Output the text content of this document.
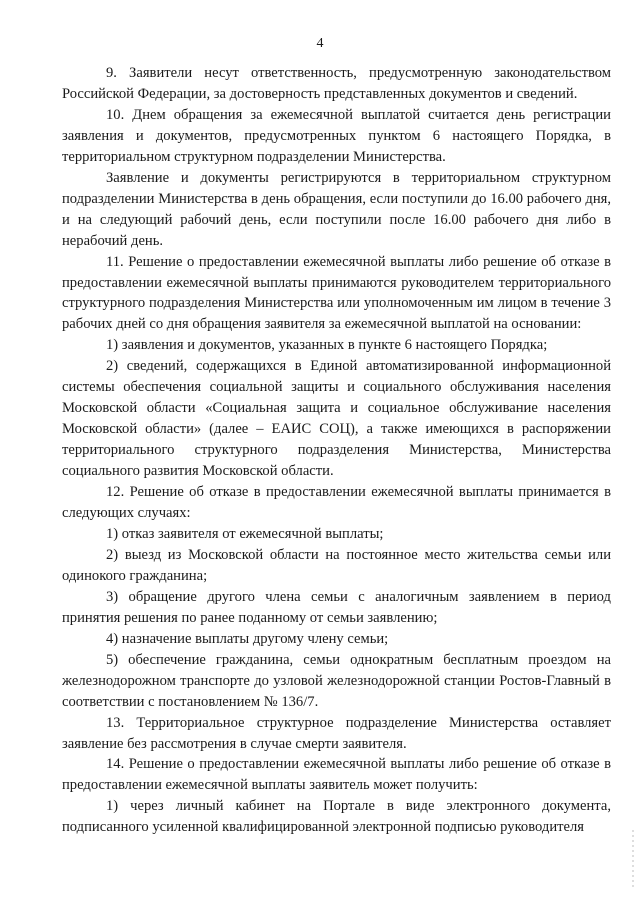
4

9. Заявители несут ответственность, предусмотренную законодательством Российской Федерации, за достоверность представленных документов и сведений.

10. Днем обращения за ежемесячной выплатой считается день регистрации заявления и документов, предусмотренных пунктом 6 настоящего Порядка, в территориальном структурном подразделении Министерства.

Заявление и документы регистрируются в территориальном структурном подразделении Министерства в день обращения, если поступили до 16.00 рабочего дня, и на следующий рабочий день, если поступили после 16.00 рабочего дня либо в нерабочий день.

11. Решение о предоставлении ежемесячной выплаты либо решение об отказе в предоставлении ежемесячной выплаты принимаются руководителем территориального структурного подразделения Министерства или уполномоченным им лицом в течение 3 рабочих дней со дня обращения заявителя за ежемесячной выплатой на основании:

1) заявления и документов, указанных в пункте 6 настоящего Порядка;

2) сведений, содержащихся в Единой автоматизированной информационной системы обеспечения социальной защиты и социального обслуживания населения Московской области «Социальная защита и социальное обслуживание населения Московской области» (далее – ЕАИС СОЦ), а также имеющихся в распоряжении территориального структурного подразделения Министерства, Министерства социального развития Московской области.

12. Решение об отказе в предоставлении ежемесячной выплаты принимается в следующих случаях:

1) отказ заявителя от ежемесячной выплаты;

2) выезд из Московской области на постоянное место жительства семьи или одинокого гражданина;

3) обращение другого члена семьи с аналогичным заявлением в период принятия решения по ранее поданному от семьи заявлению;

4) назначение выплаты другому члену семьи;

5) обеспечение гражданина, семьи однократным бесплатным проездом на железнодорожном транспорте до узловой железнодорожной станции Ростов-Главный в соответствии с постановлением № 136/7.

13. Территориальное структурное подразделение Министерства оставляет заявление без рассмотрения в случае смерти заявителя.

14. Решение о предоставлении ежемесячной выплаты либо решение об отказе в предоставлении ежемесячной выплаты заявитель может получить:

1) через личный кабинет на Портале в виде электронного документа, подписанного усиленной квалифицированной электронной подписью руководителя
